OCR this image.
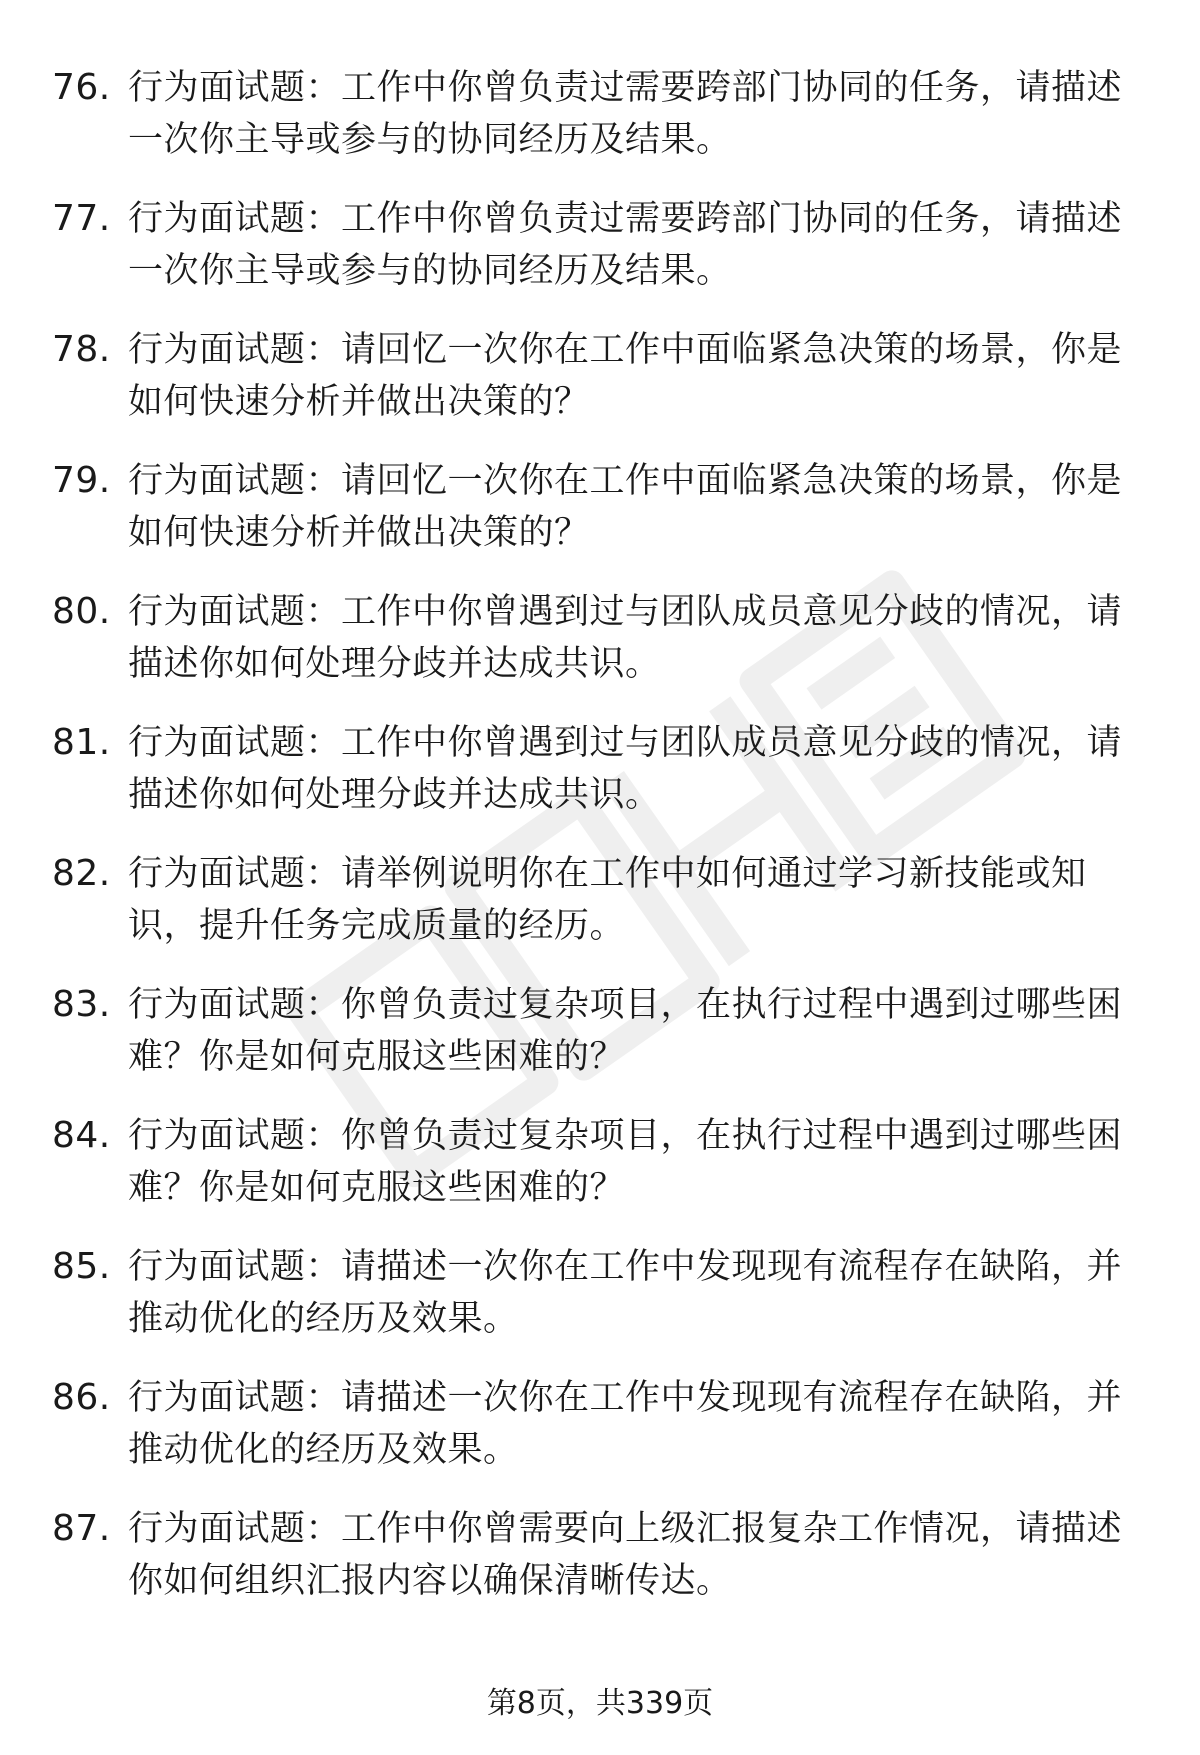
76. 行为面试题：工作中你曾负责过需要跨部门协同的任务，请描述
一次你主导或参与的协同经历及结果。
77. 行为面试题：工作中你曾负责过需要跨部门协同的任务，请描述
一次你主导或参与的协同经历及结果。
78. 行为面试题：请回忆一次你在工作中面临紧急决策的场景，你是
如何快速分析并做出决策的？
79. 行为面试题：请回忆一次你在工作中面临紧急决策的场景，你是
如何快速分析并做出决策的？
80. 行为面试题：工作中你曾遇到过与团队成员意见分歧的情况，请
描述你如何处理分歧并达成共识。
81. 行为面试题：工作中你曾遇到过与团队成员意见分歧的情况，请
描述你如何处理分歧并达成共识。
82. 行为面试题：请举例说明你在工作中如何通过学习新技能或知
识，提升任务完成质量的经历。
83. 行为面试题：你曾负责过复杂项目，在执行过程中遇到过哪些困
难？你是如何克服这些困难的？
84. 行为面试题：你曾负责过复杂项目，在执行过程中遇到过哪些困
难？你是如何克服这些困难的？
85. 行为面试题：请描述一次你在工作中发现现有流程存在缺陷，并
推动优化的经历及效果。
86. 行为面试题：请描述一次你在工作中发现现有流程存在缺陷，并
推动优化的经历及效果。
87. 行为面试题：工作中你曾需要向上级汇报复杂工作情况，请描述
你如何组织汇报内容以确保清晰传达。
第8页，共339页
